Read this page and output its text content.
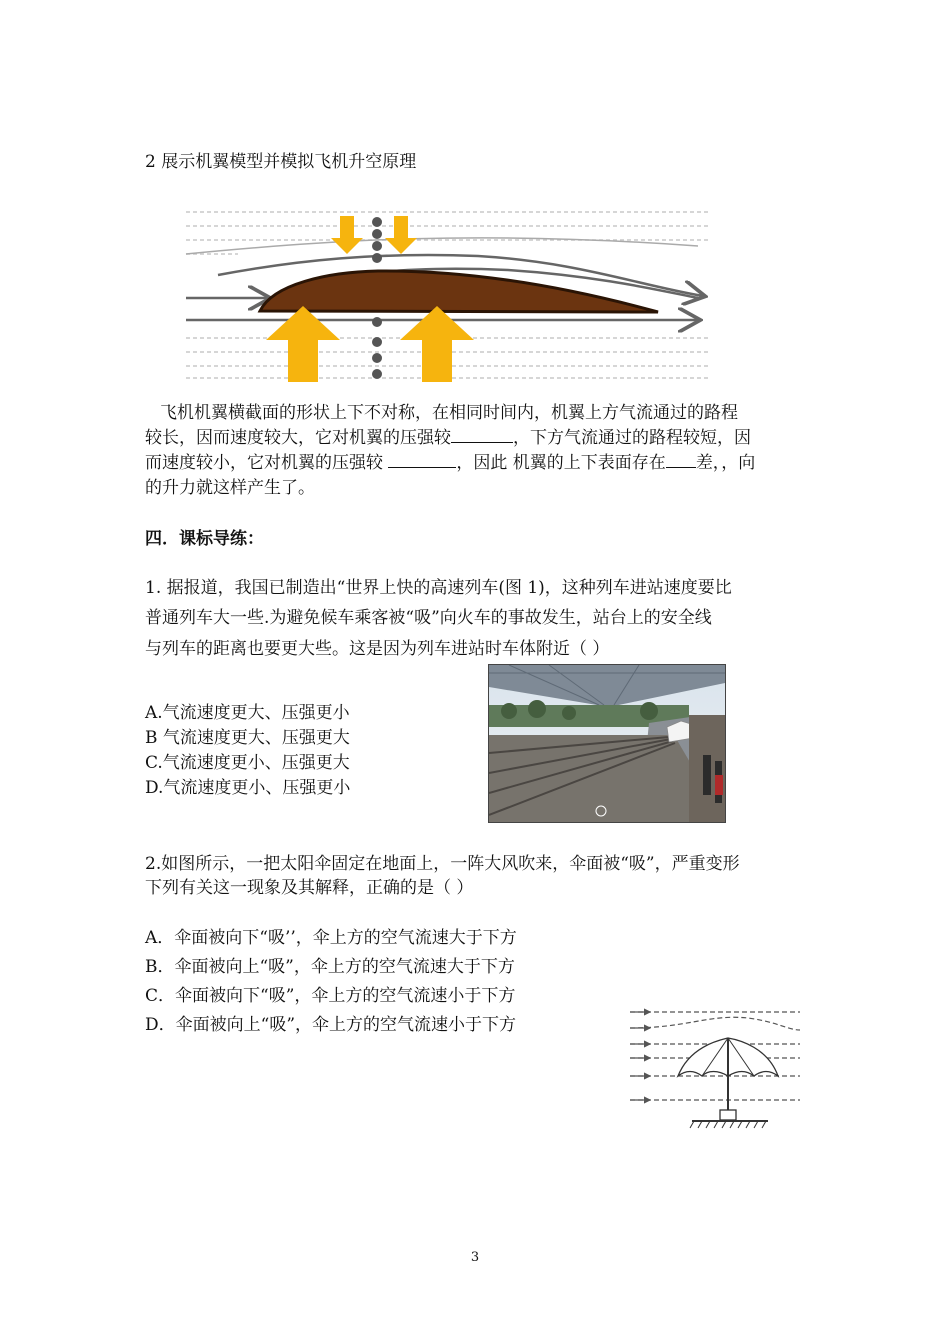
2 展示机翼模型并模拟飞机升空原理
飞机机翼横截面的形状上下不对称，在相同时间内，机翼上方气流通过的路程
较长，因而速度较大，它对机翼的压强较	，下方气流通过的路程较短，因
而速度较小，它对机翼的压强较	，因此 机翼的上下表面存在 差，，向
的升力就这样产生了。
四．课标导练：
1. 据报道，我国已制造出“世界上快的高速列车(图 1)，这种列车进站速度要比
普通列车大一些.为避免候车乘客被“吸”向火车的事故发生，站台上的安全线
与列车的距离也要更大些。这是因为列车进站时车体附近（ ）
A.气流速度更大、压强更小
B 气流速度更大、压强更大
C.气流速度更小、压强更大
D.气流速度更小、压强更小
2.如图所示，一把太阳伞固定在地面上，一阵大风吹来，伞面被“吸”，严重变形
下列有关这一现象及其解释，正确的是（ ）
A．伞面被向下“吸’’，伞上方的空气流速大于下方
B．伞面被向上“吸”，伞上方的空气流速大于下方
C．伞面被向下“吸”，伞上方的空气流速小于下方
D．伞面被向上“吸”，伞上方的空气流速小于下方
3
